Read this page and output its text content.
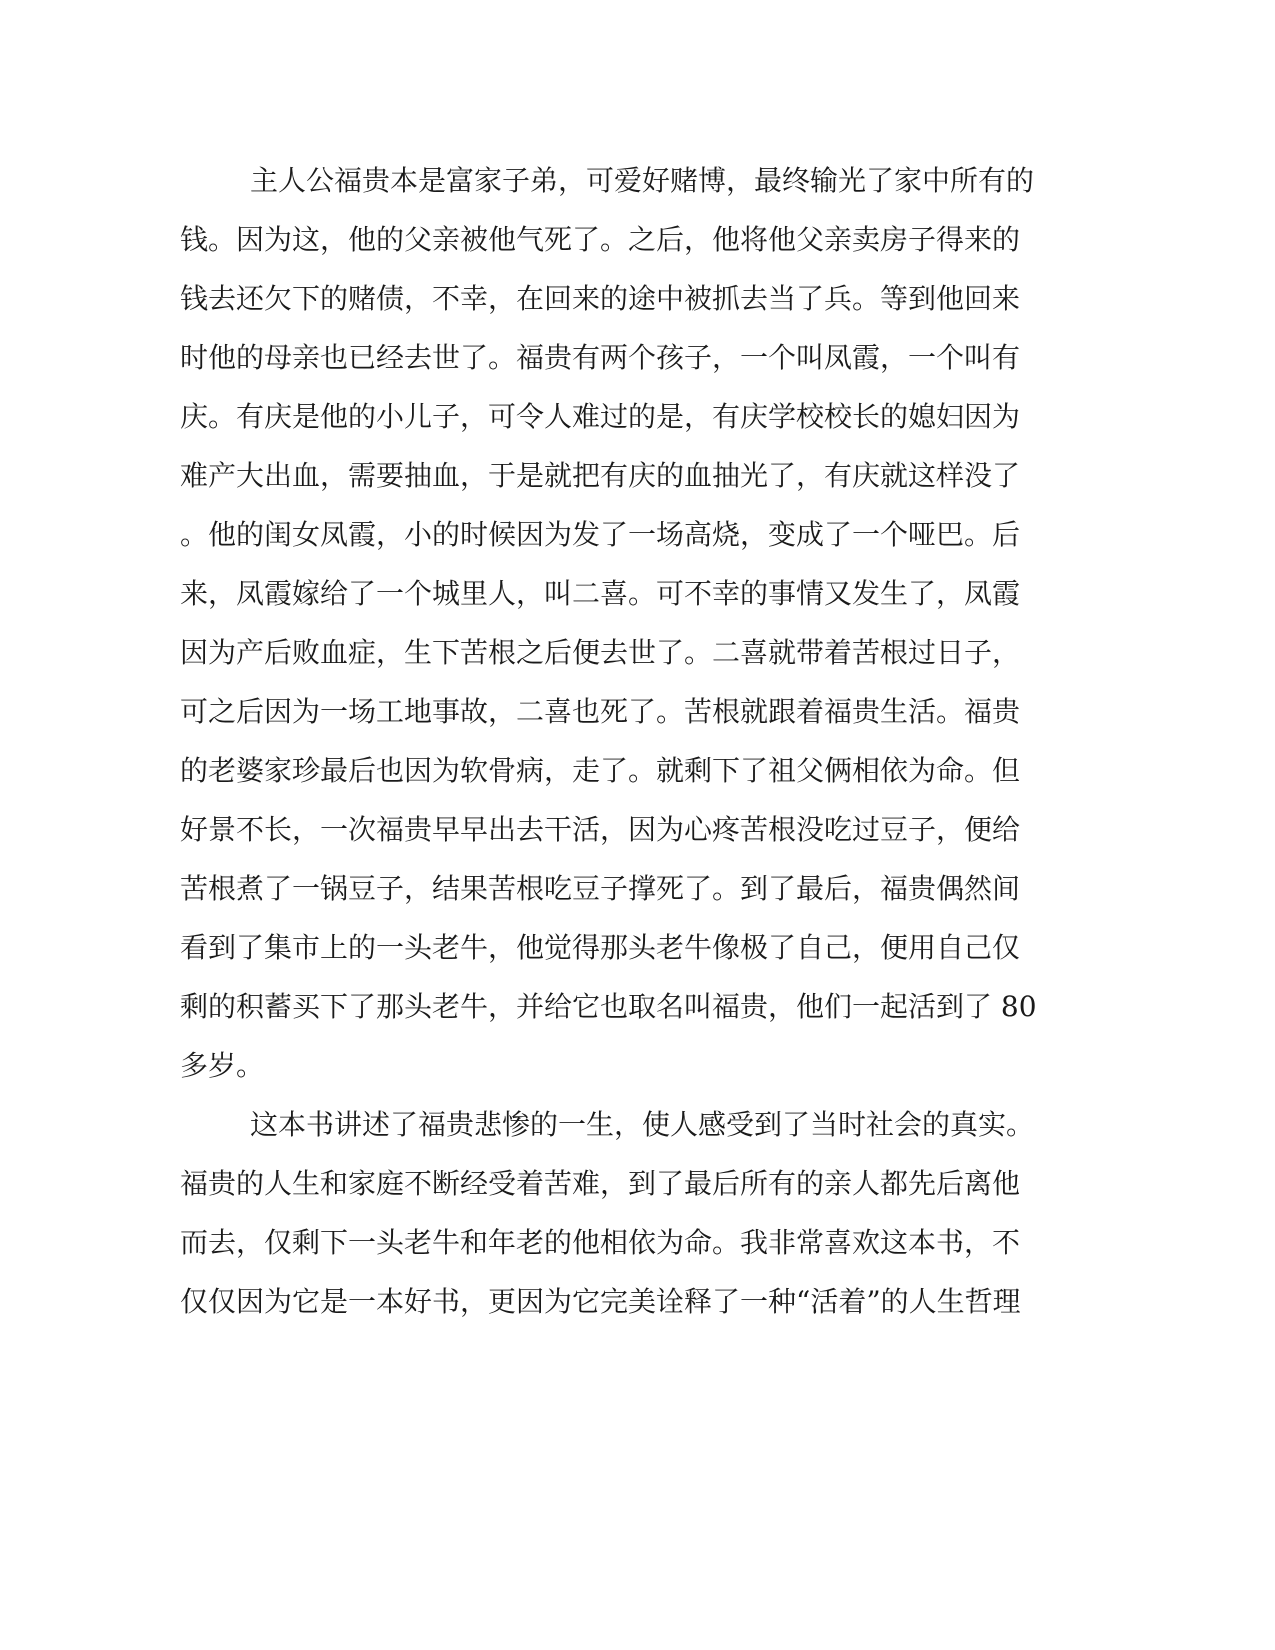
主人公福贵本是富家子弟，可爱好赌博，最终输光了家中所有的
钱。因为这，他的父亲被他气死了。之后，他将他父亲卖房子得来的
钱去还欠下的赌债，不幸，在回来的途中被抓去当了兵。等到他回来
时他的母亲也已经去世了。福贵有两个孩子，一个叫凤霞，一个叫有
庆。有庆是他的小儿子，可令人难过的是，有庆学校校长的媳妇因为
难产大出血，需要抽血，于是就把有庆的血抽光了，有庆就这样没了
。他的闺女凤霞，小的时候因为发了一场高烧，变成了一个哑巴。后
来，凤霞嫁给了一个城里人，叫二喜。可不幸的事情又发生了，凤霞
因为产后败血症，生下苦根之后便去世了。二喜就带着苦根过日子，
可之后因为一场工地事故，二喜也死了。苦根就跟着福贵生活。福贵
的老婆家珍最后也因为软骨病，走了。就剩下了祖父俩相依为命。但
好景不长，一次福贵早早出去干活，因为心疼苦根没吃过豆子，便给
苦根煮了一锅豆子，结果苦根吃豆子撑死了。到了最后，福贵偶然间
看到了集市上的一头老牛，他觉得那头老牛像极了自己，便用自己仅
剩的积蓄买下了那头老牛，并给它也取名叫福贵，他们一起活到了 80
多岁。
这本书讲述了福贵悲惨的一生，使人感受到了当时社会的真实。
福贵的人生和家庭不断经受着苦难，到了最后所有的亲人都先后离他
而去，仅剩下一头老牛和年老的他相依为命。我非常喜欢这本书，不
仅仅因为它是一本好书，更因为它完美诠释了一种“活着”的人生哲理
